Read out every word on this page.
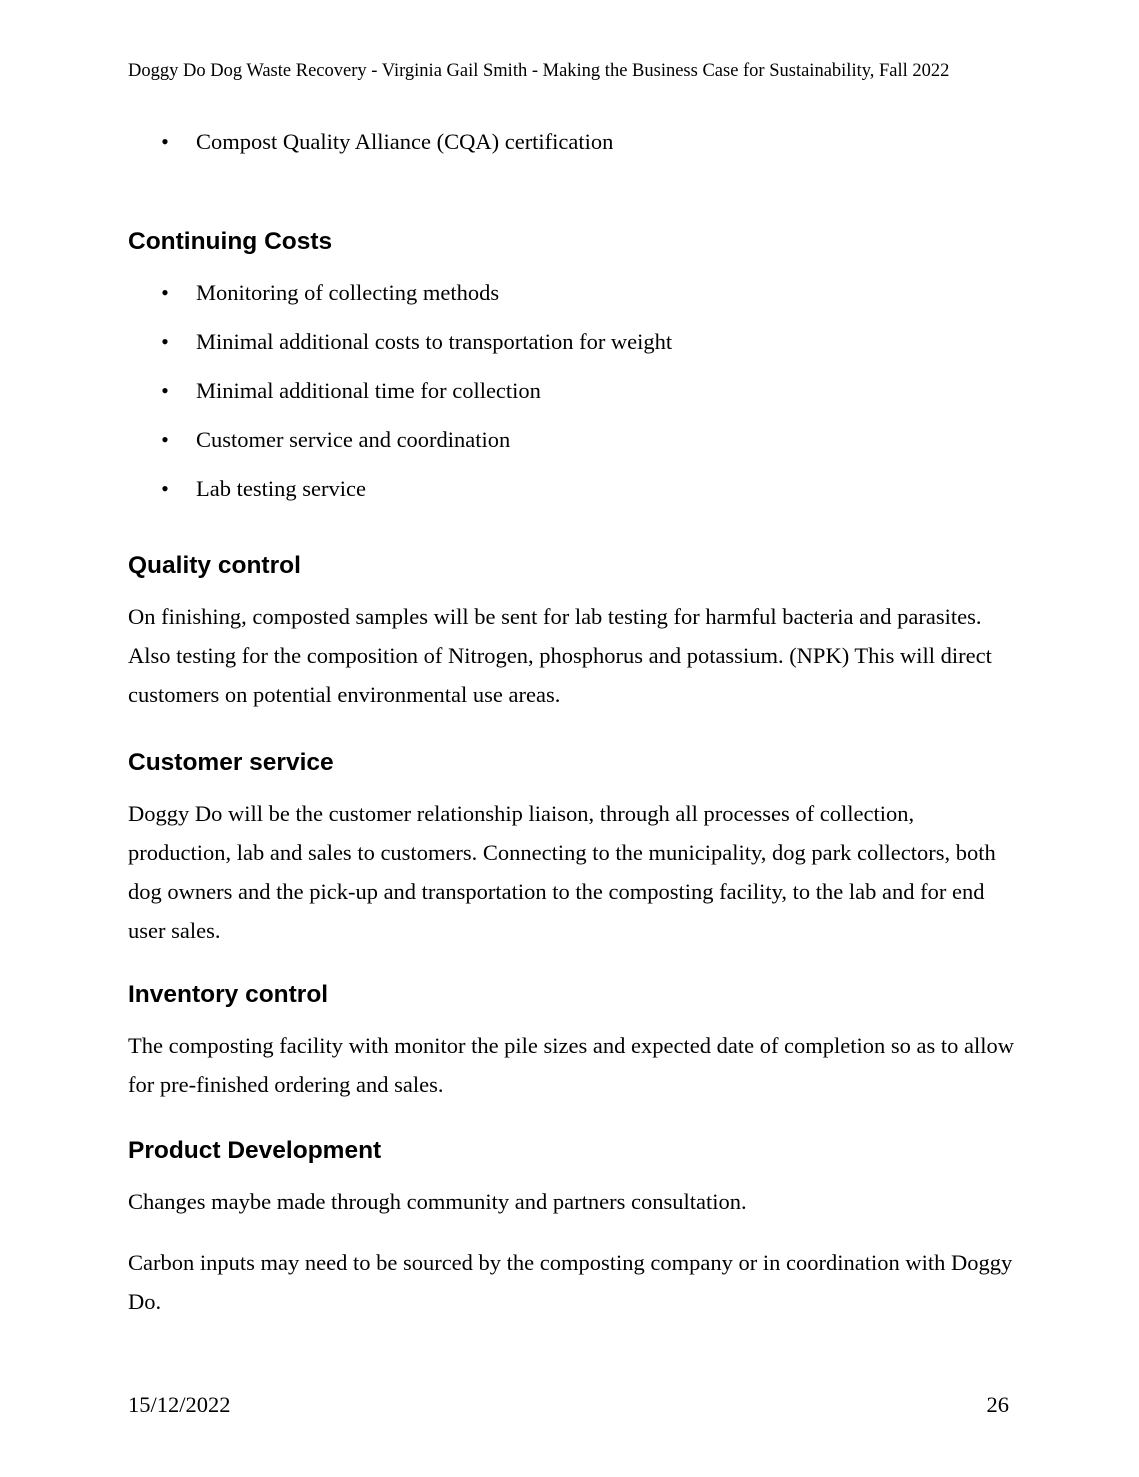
Doggy Do Dog Waste Recovery - Virginia Gail Smith - Making the Business Case for Sustainability, Fall 2022
• Compost Quality Alliance (CQA) certification
Continuing Costs
• Monitoring of collecting methods
• Minimal additional costs to transportation for weight
• Minimal additional time for collection
• Customer service and coordination
• Lab testing service
Quality control

On finishing, composted samples will be sent for lab testing for harmful bacteria and parasites. Also testing for the composition of Nitrogen, phosphorus and potassium. (NPK) This will direct customers on potential environmental use areas.

Customer service

Doggy Do will be the customer relationship liaison, through all processes of collection, production, lab and sales to customers. Connecting to the municipality, dog park collectors, both dog owners and the pick-up and transportation to the composting facility, to the lab and for end user sales.

Inventory control

The composting facility with monitor the pile sizes and expected date of completion so as to allow for pre-finished ordering and sales.

Product Development

Changes maybe made through community and partners consultation.

Carbon inputs may need to be sourced by the composting company or in coordination with Doggy Do.

15/12/2022	26
